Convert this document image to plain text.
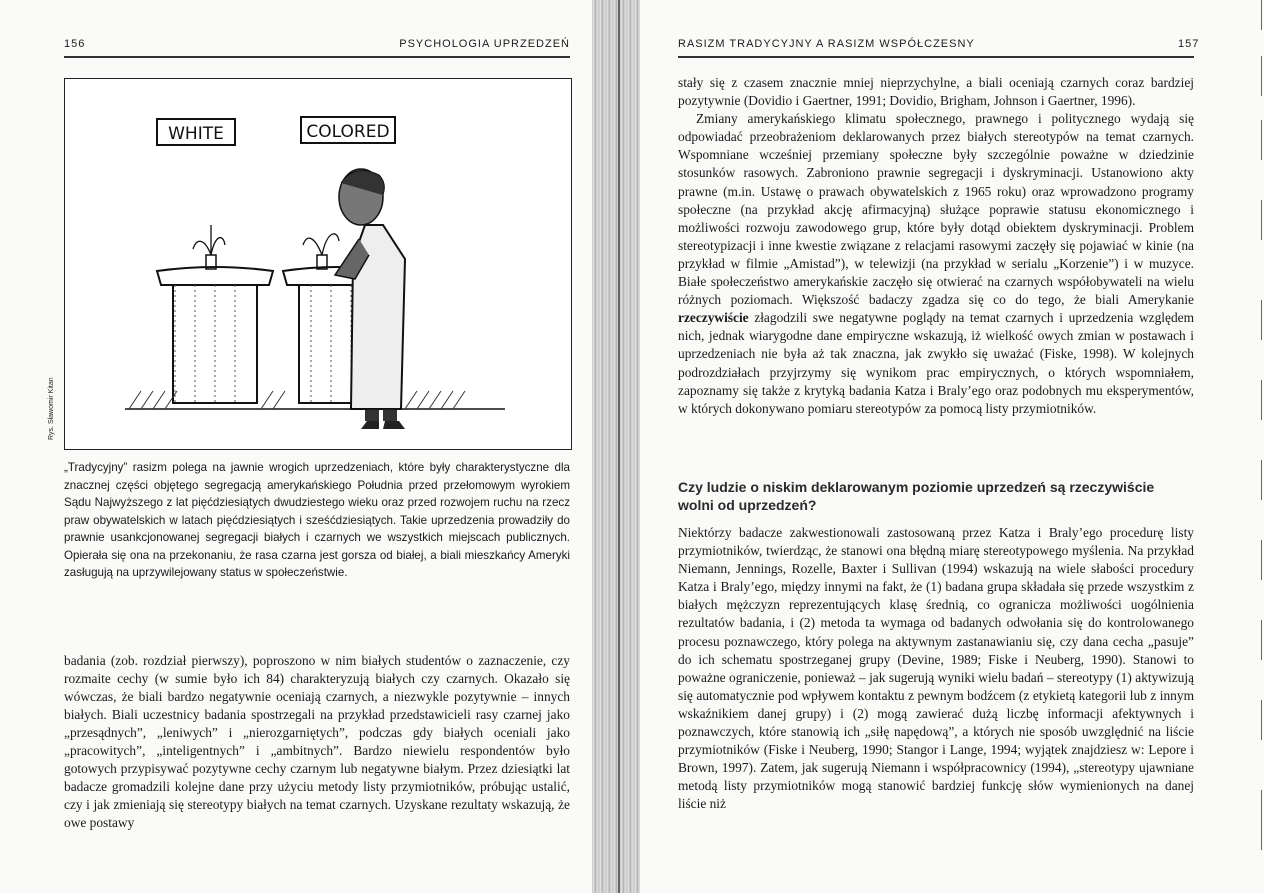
156	PSYCHOLOGIA UPRZEDZEŃ
WHITE	COLORED
Rys. Sławomir Kitan
„Tradycyjny” rasizm polega na jawnie wrogich uprzedzeniach, które były charakterystyczne dla znacznej części objętego segregacją amerykańskiego Południa przed przełomowym wyrokiem Sądu Najwyższego z lat pięćdziesiątych dwudziestego wieku oraz przed rozwojem ruchu na rzecz praw obywatelskich w latach pięćdziesiątych i sześćdziesiątych. Takie uprzedzenia prowadziły do prawnie usankcjonowanej segregacji białych i czarnych we wszystkich miejscach publicznych. Opierała się ona na przekonaniu, że rasa czarna jest gorsza od białej, a biali mieszkańcy Ameryki zasługują na uprzywilejowany status w społeczeństwie.

badania (zob. rozdział pierwszy), poproszono w nim białych studentów o zaznaczenie, czy rozmaite cechy (w sumie było ich 84) charakteryzują białych czy czarnych. Okazało się wówczas, że biali bardzo negatywnie oceniają czarnych, a niezwykle pozytywnie – innych białych. Biali uczestnicy badania spostrzegali na przykład przedstawicieli rasy czarnej jako „przesądnych”, „leniwych” i „nierozgarniętych”, podczas gdy białych oceniali jako „pracowitych”, „inteligentnych” i „ambitnych”. Bardzo niewielu respondentów było gotowych przypisywać pozytywne cechy czarnym lub negatywne białym. Przez dziesiątki lat badacze gromadzili kolejne dane przy użyciu metody listy przymiotników, próbując ustalić, czy i jak zmieniają się stereotypy białych na temat czarnych. Uzyskane rezultaty wskazują, że owe postawy

RASIZM TRADYCYJNY A RASIZM WSPÓŁCZESNY	157

stały się z czasem znacznie mniej nieprzychylne, a biali oceniają czarnych coraz bardziej pozytywnie (Dovidio i Gaertner, 1991; Dovidio, Brigham, Johnson i Gaertner, 1996).

Zmiany amerykańskiego klimatu społecznego, prawnego i politycznego wydają się odpowiadać przeobrażeniom deklarowanych przez białych stereotypów na temat czarnych. Wspomniane wcześniej przemiany społeczne były szczególnie poważne w dziedzinie stosunków rasowych. Zabroniono prawnie segregacji i dyskryminacji. Ustanowiono akty prawne (m.in. Ustawę o prawach obywatelskich z 1965 roku) oraz wprowadzono programy społeczne (na przykład akcję afirmacyjną) służące poprawie statusu ekonomicznego i możliwości rozwoju zawodowego grup, które były dotąd obiektem dyskryminacji. Problem stereotypizacji i inne kwestie związane z relacjami rasowymi zaczęły się pojawiać w kinie (na przykład w filmie „Amistad”), w telewizji (na przykład w serialu „Korzenie”) i w muzyce. Białe społeczeństwo amerykańskie zaczęło się otwierać na czarnych współobywateli na wielu różnych poziomach. Większość badaczy zgadza się co do tego, że biali Amerykanie rzeczywiście złagodzili swe negatywne poglądy na temat czarnych i uprzedzenia względem nich, jednak wiarygodne dane empiryczne wskazują, iż wielkość owych zmian w postawach i uprzedzeniach nie była aż tak znaczna, jak zwykło się uważać (Fiske, 1998). W kolejnych podrozdziałach przyjrzymy się wynikom prac empirycznych, o których wspomniałem, zapoznamy się także z krytyką badania Katza i Braly’ego oraz podobnych mu eksperymentów, w których dokonywano pomiaru stereotypów za pomocą listy przymiotników.

Czy ludzie o niskim deklarowanym poziomie uprzedzeń są rzeczywiście wolni od uprzedzeń?

Niektórzy badacze zakwestionowali zastosowaną przez Katza i Braly’ego procedurę listy przymiotników, twierdząc, że stanowi ona błędną miarę stereotypowego myślenia. Na przykład Niemann, Jennings, Rozelle, Baxter i Sullivan (1994) wskazują na wiele słabości procedury Katza i Braly’ego, między innymi na fakt, że (1) badana grupa składała się przede wszystkim z białych mężczyzn reprezentujących klasę średnią, co ogranicza możliwości uogólnienia rezultatów badania, i (2) metoda ta wymaga od badanych odwołania się do kontrolowanego procesu poznawczego, który polega na aktywnym zastanawianiu się, czy dana cecha „pasuje” do ich schematu spostrzeganej grupy (Devine, 1989; Fiske i Neuberg, 1990). Stanowi to poważne ograniczenie, ponieważ – jak sugerują wyniki wielu badań – stereotypy (1) aktywizują się automatycznie pod wpływem kontaktu z pewnym bodźcem (z etykietą kategorii lub z innym wskaźnikiem danej grupy) i (2) mogą zawierać dużą liczbę informacji afektywnych i poznawczych, które stanowią ich „siłę napędową”, a których nie sposób uwzględnić na liście przymiotników (Fiske i Neuberg, 1990; Stangor i Lange, 1994; wyjątek znajdziesz w: Lepore i Brown, 1997). Zatem, jak sugerują Niemann i współpracownicy (1994), „stereotypy ujawniane metodą listy przymiotników mogą stanowić bardziej funkcję słów wymienionych na danej liście niż
